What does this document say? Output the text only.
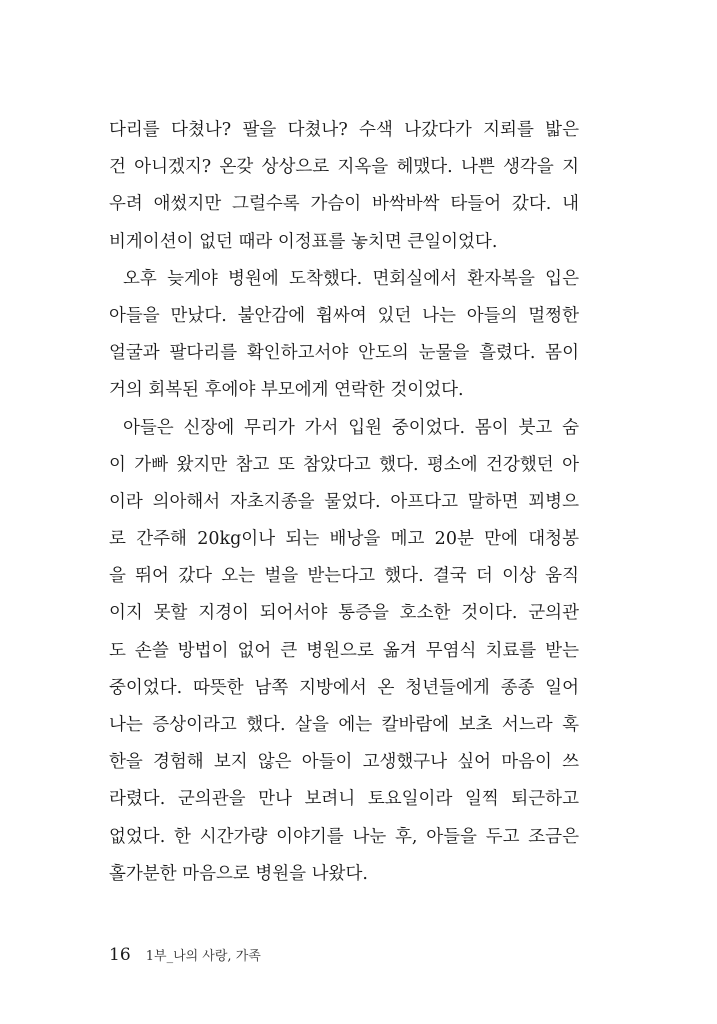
다리를 다쳤나? 팔을 다쳤나? 수색 나갔다가 지뢰를 밟은
건 아니겠지? 온갖 상상으로 지옥을 헤맸다. 나쁜 생각을 지
우려 애썼지만 그럴수록 가슴이 바싹바싹 타들어 갔다. 내
비게이션이 없던 때라 이정표를 놓치면 큰일이었다.
오후 늦게야 병원에 도착했다. 면회실에서 환자복을 입은
아들을 만났다. 불안감에 휩싸여 있던 나는 아들의 멀쩡한
얼굴과 팔다리를 확인하고서야 안도의 눈물을 흘렸다. 몸이
거의 회복된 후에야 부모에게 연락한 것이었다.
아들은 신장에 무리가 가서 입원 중이었다. 몸이 붓고 숨
이 가빠 왔지만 참고 또 참았다고 했다. 평소에 건강했던 아
이라 의아해서 자초지종을 물었다. 아프다고 말하면 꾀병으
로 간주해 20kg이나 되는 배낭을 메고 20분 만에 대청봉
을 뛰어 갔다 오는 벌을 받는다고 했다. 결국 더 이상 움직
이지 못할 지경이 되어서야 통증을 호소한 것이다. 군의관
도 손쓸 방법이 없어 큰 병원으로 옮겨 무염식 치료를 받는
중이었다. 따뜻한 남쪽 지방에서 온 청년들에게 종종 일어
나는 증상이라고 했다. 살을 에는 칼바람에 보초 서느라 혹
한을 경험해 보지 않은 아들이 고생했구나 싶어 마음이 쓰
라렸다. 군의관을 만나 보려니 토요일이라 일찍 퇴근하고
없었다. 한 시간가량 이야기를 나눈 후, 아들을 두고 조금은
홀가분한 마음으로 병원을 나왔다.
16 1부_나의 사랑, 가족
